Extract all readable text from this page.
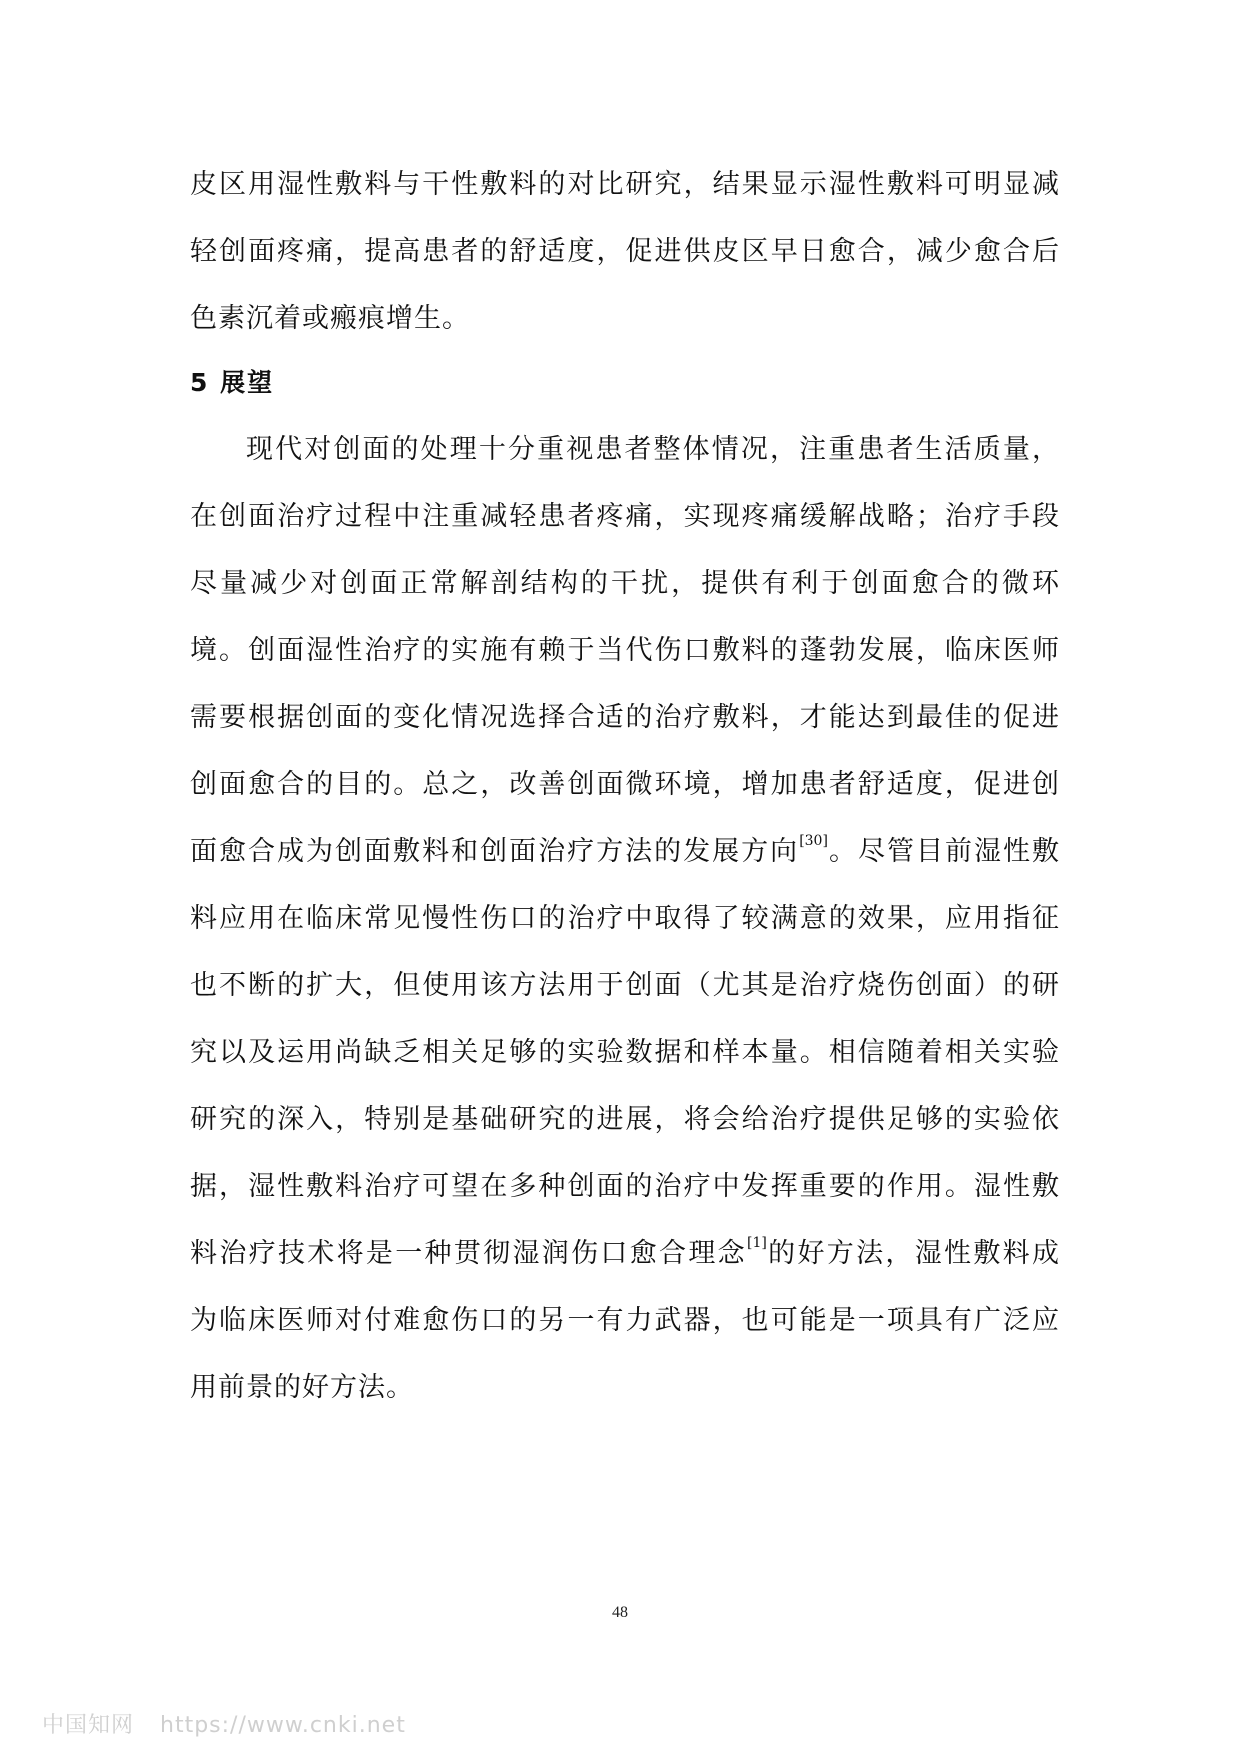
皮区用湿性敷料与干性敷料的对比研究，结果显示湿性敷料可明显减
轻创面疼痛，提高患者的舒适度，促进供皮区早日愈合，减少愈合后
色素沉着或瘢痕增生。
5 展望
现代对创面的处理十分重视患者整体情况，注重患者生活质量，
在创面治疗过程中注重减轻患者疼痛，实现疼痛缓解战略；治疗手段
尽量减少对创面正常解剖结构的干扰，提供有利于创面愈合的微环
境。创面湿性治疗的实施有赖于当代伤口敷料的蓬勃发展，临床医师
需要根据创面的变化情况选择合适的治疗敷料，才能达到最佳的促进
创面愈合的目的。总之，改善创面微环境，增加患者舒适度，促进创
面愈合成为创面敷料和创面治疗方法的发展方向[30]。尽管目前湿性敷
料应用在临床常见慢性伤口的治疗中取得了较满意的效果，应用指征
也不断的扩大，但使用该方法用于创面（尤其是治疗烧伤创面）的研
究以及运用尚缺乏相关足够的实验数据和样本量。相信随着相关实验
研究的深入，特别是基础研究的进展，将会给治疗提供足够的实验依
据，湿性敷料治疗可望在多种创面的治疗中发挥重要的作用。湿性敷
料治疗技术将是一种贯彻湿润伤口愈合理念[1]的好方法，湿性敷料成
为临床医师对付难愈伤口的另一有力武器，也可能是一项具有广泛应
用前景的好方法。
48
中国知网 https://www.cnki.net
